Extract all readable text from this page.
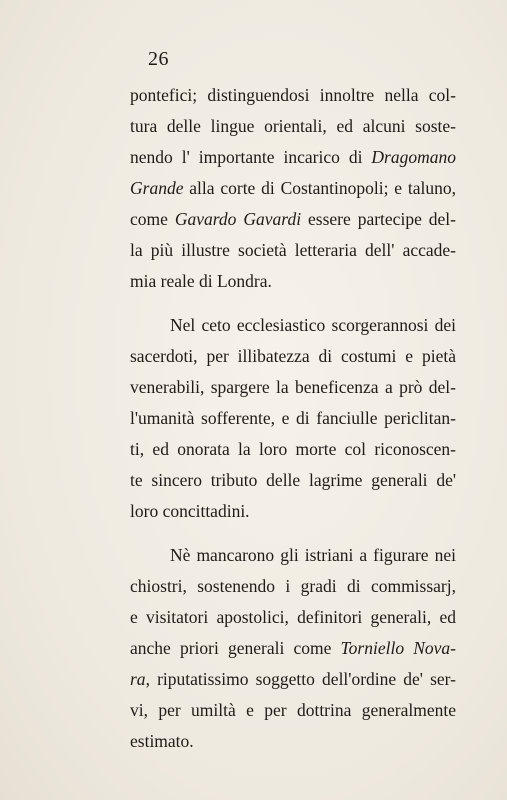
26
pontefici; distinguendosi innoltre nella col-
tura delle lingue orientali, ed alcuni soste-
nendo l' importante incarico di Dragomano
Grande alla corte di Costantinopoli; e taluno,
come Gavardo Gavardi essere partecipe del-
la più illustre società letteraria dell' accade-
mia reale di Londra.
Nel ceto ecclesiastico scorgerannosi dei
sacerdoti, per illibatezza di costumi e pietà
venerabili, spargere la beneficenza a prò del-
l'umanità sofferente, e di fanciulle periclitan-
ti, ed onorata la loro morte col riconoscen-
te sincero tributo delle lagrime generali de'
loro concittadini.
Nè mancarono gli istriani a figurare nei
chiostri, sostenendo i gradi di commissarj,
e visitatori apostolici, definitori generali, ed
anche priori generali come Torniello Nova-
ra, riputatissimo soggetto dell'ordine de' ser-
vi, per umiltà e per dottrina generalmente
estimato.
